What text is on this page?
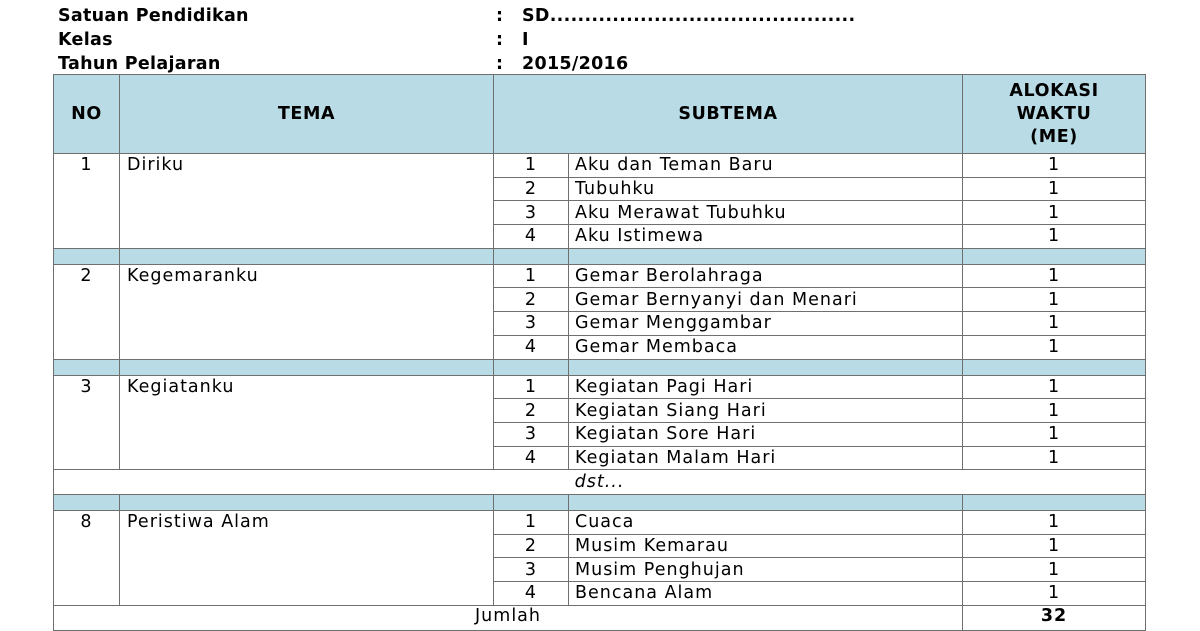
Satuan Pendidikan	: SD............................................
Kelas	: I
Tahun Pelajaran	: 2015/2016
NO	TEMA	SUBTEMA		ALOKASI
WAKTU
(ME)

1	Diriku	1	Aku dan Teman Baru	1
		2	Tubuhku	1
		3	Aku Merawat Tubuhku	1
		4	Aku Istimewa	1

2	Kegemaranku	1	Gemar Berolahraga	1
		2	Gemar Bernyanyi dan Menari	1
		3	Gemar Menggambar	1
		4	Gemar Membaca	1

3	Kegiatanku	1	Kegiatan Pagi Hari	1
		2	Kegiatan Siang Hari	1
		3	Kegiatan Sore Hari	1
		4	Kegiatan Malam Hari	1
dst...				

8	Peristiwa Alam	1	Cuaca	1
		2	Musim Kemarau	1
		3	Musim Penghujan	1
		4	Bencana Alam	1
Jumlah				32
